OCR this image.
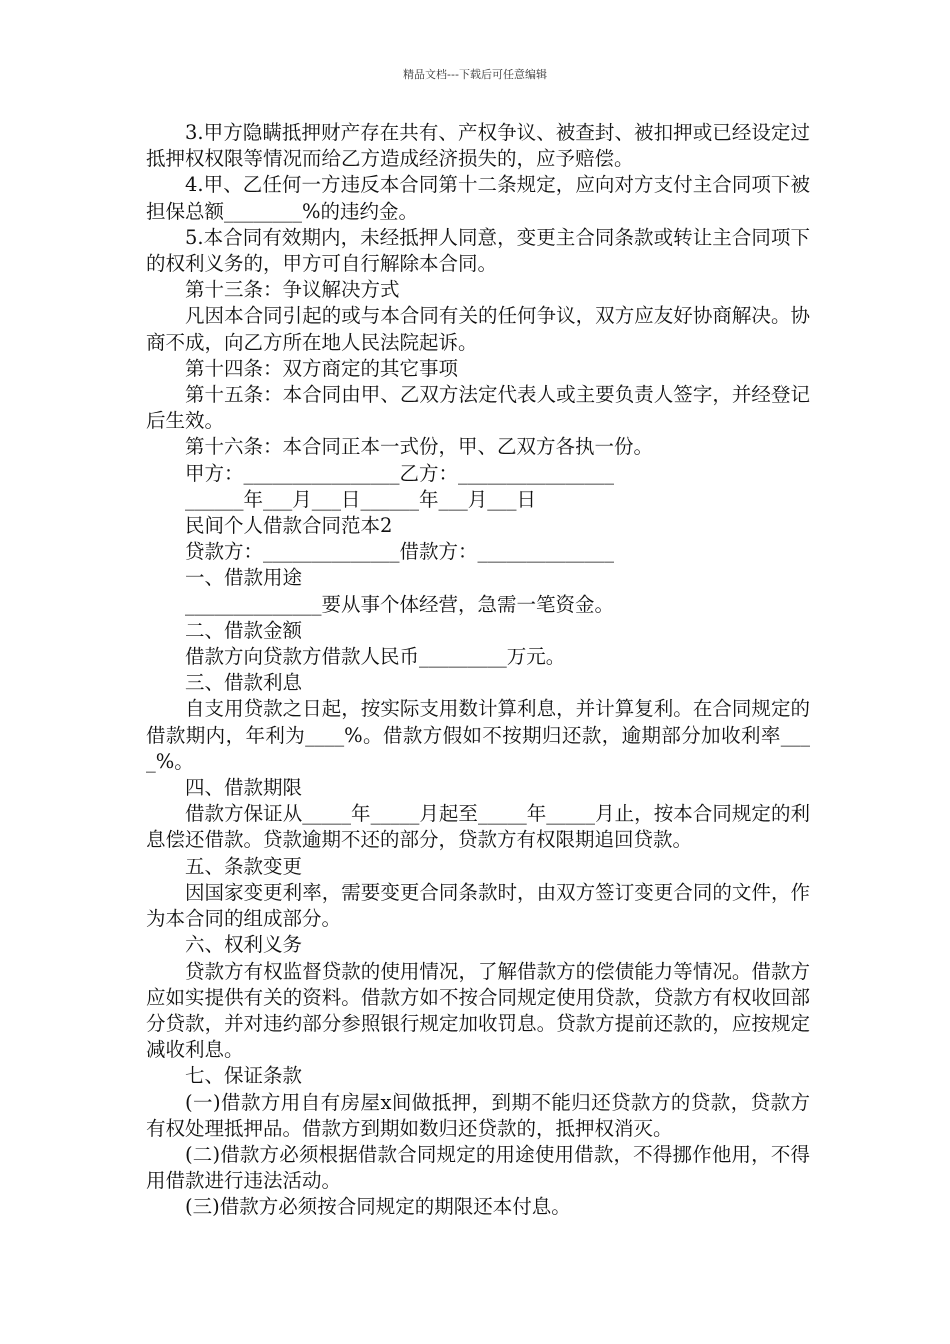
精品文档---下载后可任意编辑

3.甲方隐瞒抵押财产存在共有、产权争议、被查封、被扣押或已经设定过抵押权权限等情况而给乙方造成经济损失的，应予赔偿。

4.甲、乙任何一方违反本合同第十二条规定，应向对方支付主合同项下被担保总额________%的违约金。

5.本合同有效期内，未经抵押人同意，变更主合同条款或转让主合同项下的权利义务的，甲方可自行解除本合同。

第十三条：争议解决方式

凡因本合同引起的或与本合同有关的任何争议，双方应友好协商解决。协商不成，向乙方所在地人民法院起诉。

第十四条：双方商定的其它事项

第十五条：本合同由甲、乙双方法定代表人或主要负责人签字，并经登记后生效。

第十六条：本合同正本一式份，甲、乙双方各执一份。

甲方：________________乙方：________________

______年___月___日______年___月___日

民间个人借款合同范本2

贷款方：______________借款方：______________

一、借款用途

______________要从事个体经营，急需一笔资金。

二、借款金额

借款方向贷款方借款人民币_________万元。

三、借款利息

自支用贷款之日起，按实际支用数计算利息，并计算复利。在合同规定的借款期内，年利为____%。借款方假如不按期归还款，逾期部分加收利率____%。

四、借款期限

借款方保证从_____年_____月起至_____年_____月止，按本合同规定的利息偿还借款。贷款逾期不还的部分，贷款方有权限期追回贷款。

五、条款变更

因国家变更利率，需要变更合同条款时，由双方签订变更合同的文件，作为本合同的组成部分。

六、权利义务

贷款方有权监督贷款的使用情况，了解借款方的偿债能力等情况。借款方应如实提供有关的资料。借款方如不按合同规定使用贷款，贷款方有权收回部分贷款，并对违约部分参照银行规定加收罚息。贷款方提前还款的，应按规定减收利息。

七、保证条款

(一)借款方用自有房屋x间做抵押，到期不能归还贷款方的贷款，贷款方有权处理抵押品。借款方到期如数归还贷款的，抵押权消灭。

(二)借款方必须根据借款合同规定的用途使用借款，不得挪作他用，不得用借款进行违法活动。

(三)借款方必须按合同规定的期限还本付息。
